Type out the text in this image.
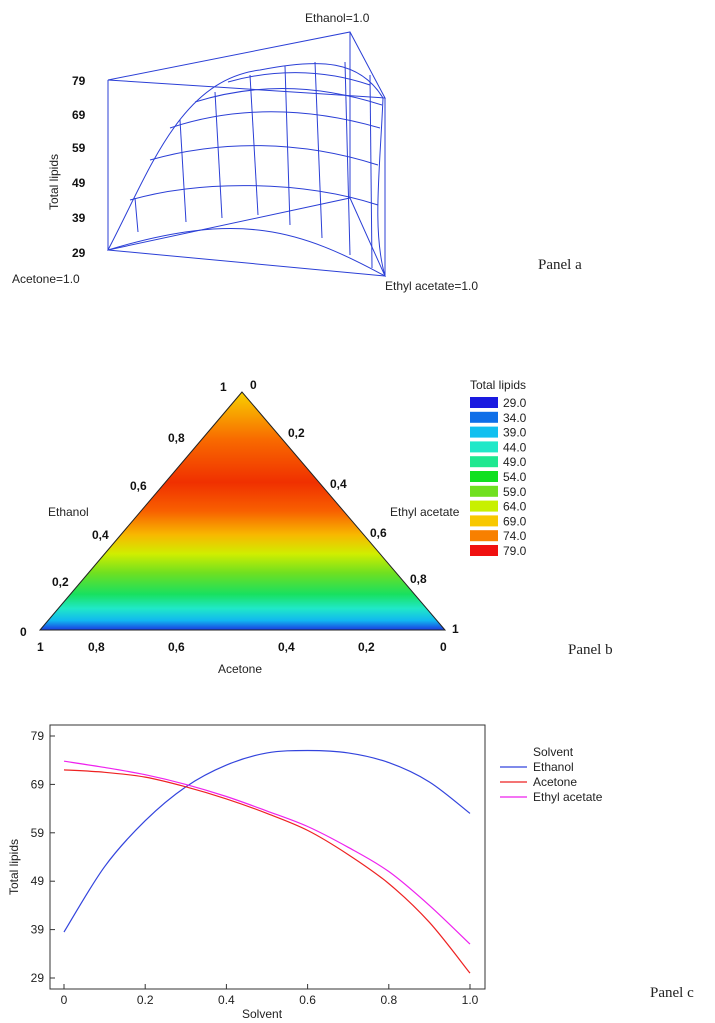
Total lipids
79
69
59
49
39
29
Ethanol=1.0
Acetone=1.0	Ethyl acetate=1.0
Panel a
1
0,8
0,6
0,4
0,2
0
0
0,2
0,4
0,6
0,8
1
1	0,8	0,6	0,4	0,2	0
Ethanol	Ethyl acetate
Acetone
Total lipids
29.0
34.0
39.0
44.0
49.0
54.0
59.0
64.0
69.0
74.0
79.0
Panel b
Total lipids
Solvent
29
39
49
59
69
79
0	0.2	0.4	0.6	0.8	1.0
Solvent
Ethanol
Acetone
Ethyl acetate
Panel c
